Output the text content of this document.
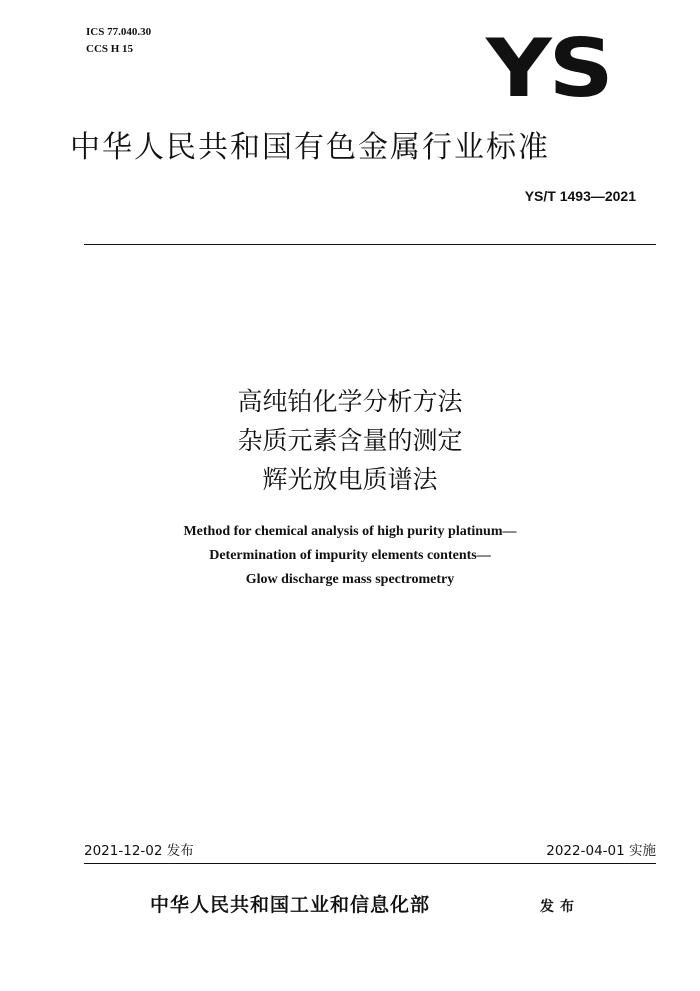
ICS 77.040.30
CCS H 15	YS
中华人民共和国有色金属行业标准
YS/T 1493—2021
高纯铂化学分析方法
杂质元素含量的测定
辉光放电质谱法
Method for chemical analysis of high purity platinum—
Determination of impurity elements contents—
Glow discharge mass spectrometry
2021-12-02 发布	2022-04-01 实施
中华人民共和国工业和信息化部	发布
